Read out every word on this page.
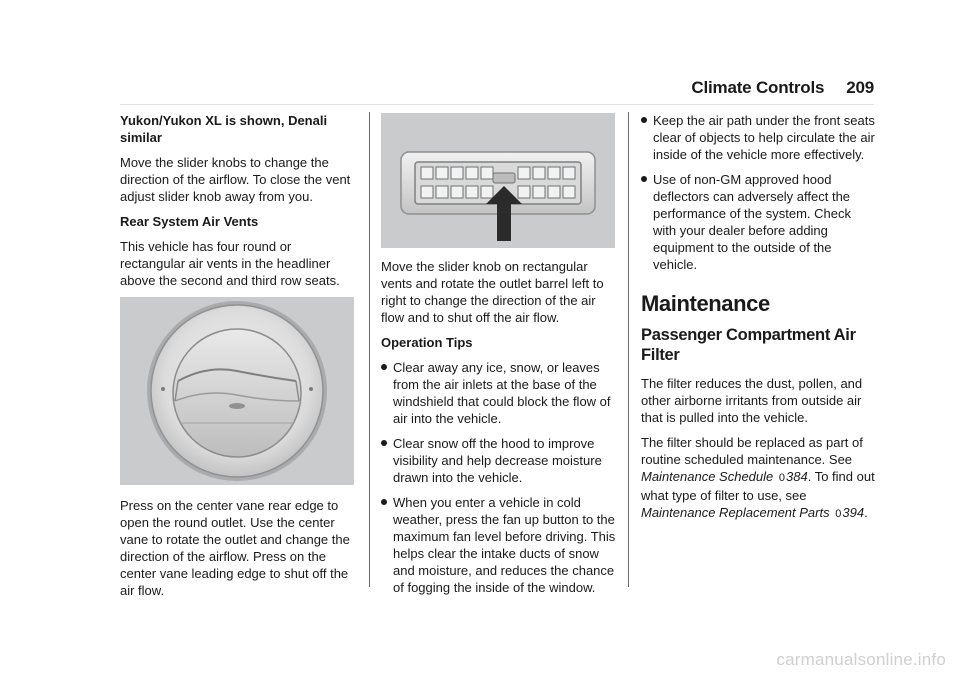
Climate Controls 209

Yukon/Yukon XL is shown, Denali similar

Move the slider knobs to change the direction of the airflow. To close the vent adjust slider knob away from you.

Rear System Air Vents

This vehicle has four round or rectangular air vents in the headliner above the second and third row seats.

Press on the center vane rear edge to open the round outlet. Use the center vane to rotate the outlet and change the direction of the airflow. Press on the center vane leading edge to shut off the air flow.

Move the slider knob on rectangular vents and rotate the outlet barrel left to right to change the direction of the air flow and to shut off the air flow.

Operation Tips

Clear away any ice, snow, or leaves from the air inlets at the base of the windshield that could block the flow of air into the vehicle.
Clear snow off the hood to improve visibility and help decrease moisture drawn into the vehicle.
When you enter a vehicle in cold weather, press the fan up button to the maximum fan level before driving. This helps clear the intake ducts of snow and moisture, and reduces the chance of fogging the inside of the window.
Keep the air path under the front seats clear of objects to help circulate the air inside of the vehicle more effectively.
Use of non-GM approved hood deflectors can adversely affect the performance of the system. Check with your dealer before adding equipment to the outside of the vehicle.
Maintenance
Passenger Compartment Air Filter

The filter reduces the dust, pollen, and other airborne irritants from outside air that is pulled into the vehicle.

The filter should be replaced as part of routine scheduled maintenance. See Maintenance Schedule 0384. To find out what type of filter to use, see Maintenance Replacement Parts 0394.

carmanualsonline.info
